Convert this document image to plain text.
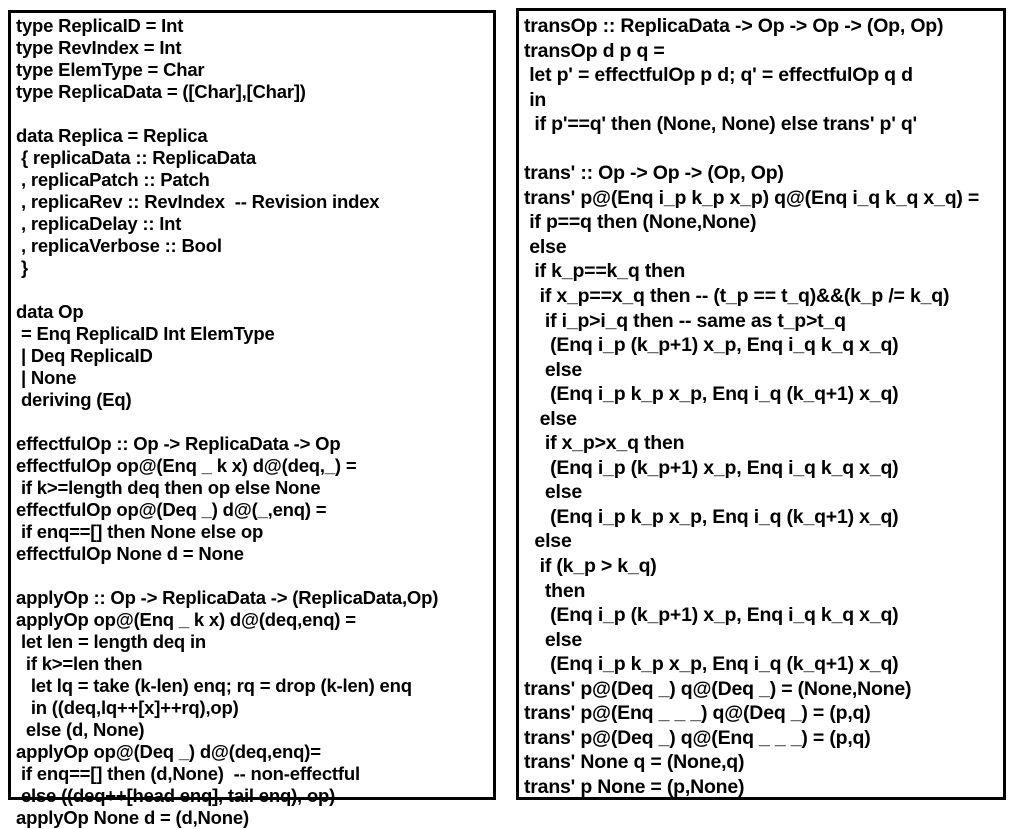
type ReplicaID = Int
type RevIndex = Int
type ElemType = Char
type ReplicaData = ([Char],[Char])

data Replica = Replica
{ replicaData :: ReplicaData
, replicaPatch :: Patch
, replicaRev :: RevIndex  -- Revision index
, replicaDelay :: Int
, replicaVerbose :: Bool
}

data Op
= Enq ReplicaID Int ElemType
| Deq ReplicaID
| None
deriving (Eq)

effectfulOp :: Op -> ReplicaData -> Op
effectfulOp op@(Enq _ k x) d@(deq,_) =
if k>=length deq then op else None
effectfulOp op@(Deq _) d@(_,enq) =
if enq==[] then None else op
effectfulOp None d = None

applyOp :: Op -> ReplicaData -> (ReplicaData,Op)
applyOp op@(Enq _ k x) d@(deq,enq) =
let len = length deq in
if k>=len then
let lq = take (k-len) enq; rq = drop (k-len) enq
in ((deq,lq++[x]++rq),op)
else (d, None)
applyOp op@(Deq _) d@(deq,enq)=
if enq==[] then (d,None)  -- non-effectful
else ((deq++[head enq], tail enq), op)
applyOp None d = (d,None)
transOp :: ReplicaData -> Op -> Op -> (Op, Op)
transOp d p q =
let p' = effectfulOp p d; q' = effectfulOp q d
in
if p'==q' then (None, None) else trans' p' q'

trans' :: Op -> Op -> (Op, Op)
trans' p@(Enq i_p k_p x_p) q@(Enq i_q k_q x_q) =
if p==q then (None,None)
else
if k_p==k_q then
if x_p==x_q then -- (t_p == t_q)&&(k_p /= k_q)
if i_p>i_q then -- same as t_p>t_q
(Enq i_p (k_p+1) x_p, Enq i_q k_q x_q)
else
(Enq i_p k_p x_p, Enq i_q (k_q+1) x_q)
else
if x_p>x_q then
(Enq i_p (k_p+1) x_p, Enq i_q k_q x_q)
else
(Enq i_p k_p x_p, Enq i_q (k_q+1) x_q)
else
if (k_p > k_q)
then
(Enq i_p (k_p+1) x_p, Enq i_q k_q x_q)
else
(Enq i_p k_p x_p, Enq i_q (k_q+1) x_q)
trans' p@(Deq _) q@(Deq _) = (None,None)
trans' p@(Enq _ _ _) q@(Deq _) = (p,q)
trans' p@(Deq _) q@(Enq _ _ _) = (p,q)
trans' None q = (None,q)
trans' p None = (p,None)
